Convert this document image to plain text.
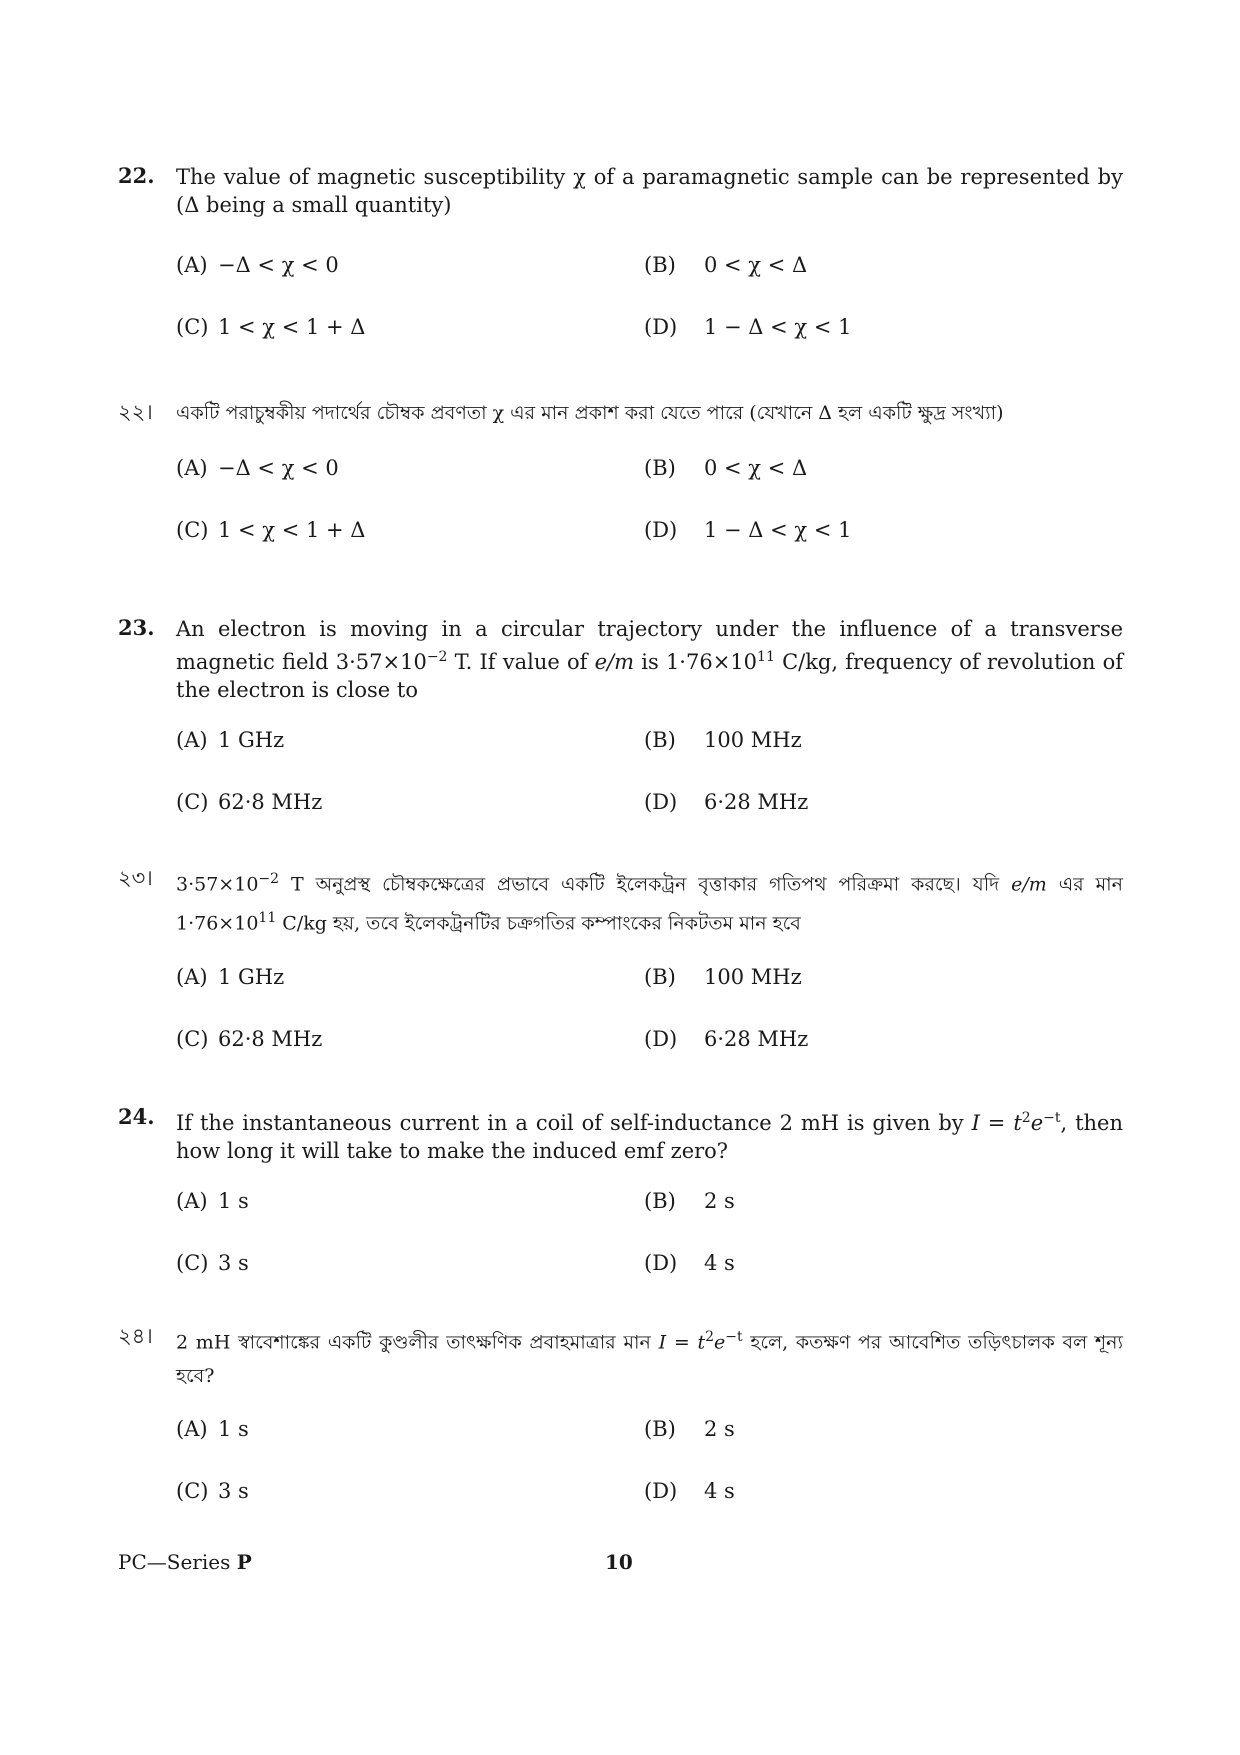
22. The value of magnetic susceptibility χ of a paramagnetic sample can be represented by (Δ being a small quantity)
(A) −Δ < χ < 0	(B) 0 < χ < Δ
(C) 1 < χ < 1 + Δ	(D) 1 − Δ < χ < 1
২২। একটি পরাচুম্বকীয় পদার্থের চৌম্বক প্রবণতা χ এর মান প্রকাশ করা যেতে পারে (যেখানে Δ হল একটি ক্ষুদ্র সংখ্যা)
(A) −Δ < χ < 0	(B) 0 < χ < Δ
(C) 1 < χ < 1 + Δ	(D) 1 − Δ < χ < 1
23. An electron is moving in a circular trajectory under the influence of a transverse magnetic field $3\cdot 57\times 10^{-2}$ T. If value of e/m is $1\cdot 76\times 10^{11}$ C/kg, frequency of revolution of the electron is close to
(A) 1 GHz	(B) 100 MHz
(C) 62·8 MHz	(D) 6·28 MHz
২৩। $3\cdot 57\times 10^{-2}$ T অনুপ্রস্থ চৌম্বকক্ষেত্রের প্রভাবে একটি ইলেকট্রন বৃত্তাকার গতিপথ পরিক্রমা করছে। যদি e/m এর মান $1\cdot 76\times 10^{11}$ C/kg হয়, তবে ইলেকট্রনটির চক্রগতির কম্পাংকের নিকটতম মান হবে
(A) 1 GHz	(B) 100 MHz
(C) 62·8 MHz	(D) 6·28 MHz
24. If the instantaneous current in a coil of self-inductance 2 mH is given by $I = t^2e^{-t}$, then how long it will take to make the induced emf zero?
(A) 1 s	(B) 2 s
(C) 3 s	(D) 4 s
২৪। 2 mH স্বাবেশাঙ্কের একটি কুণ্ডলীর তাৎক্ষণিক প্রবাহমাত্রার মান $I = t^2e^{-t}$ হলে, কতক্ষণ পর আবেশিত তড়িৎচালক বল শূন্য হবে?
(A) 1 s	(B) 2 s
(C) 3 s	(D) 4 s
PC—Series P	10
